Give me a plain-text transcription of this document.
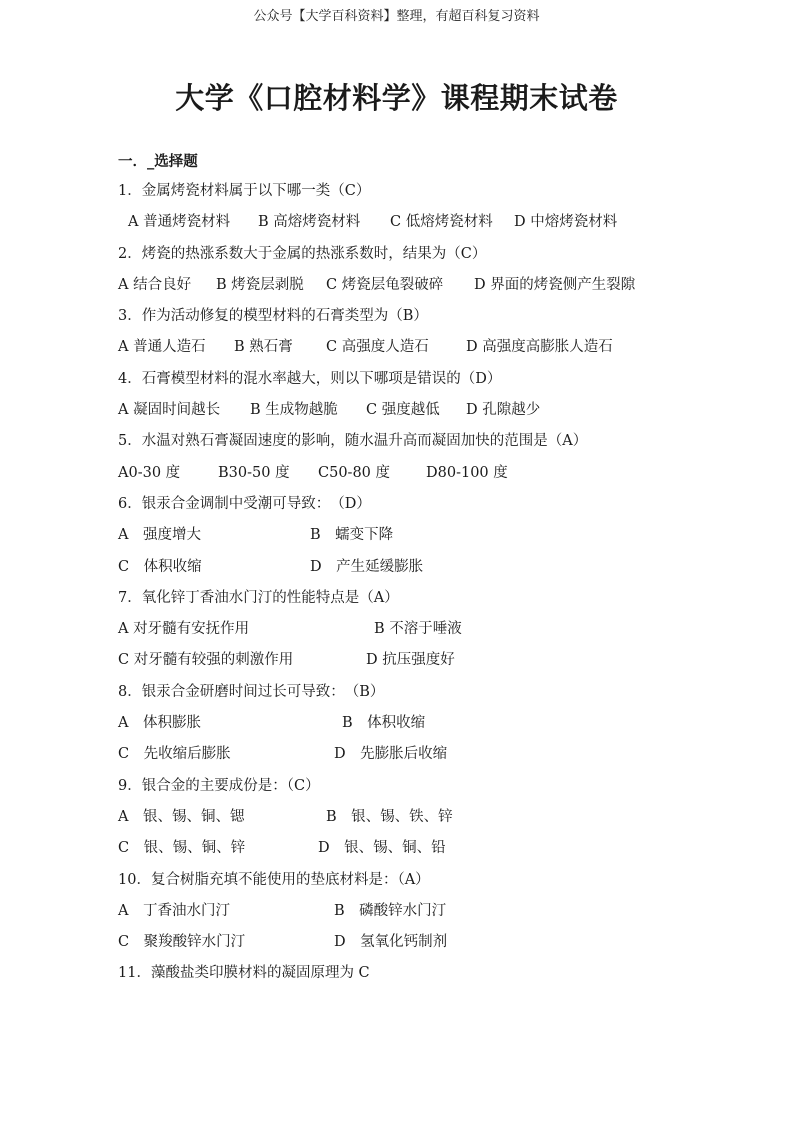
公众号【大学百科资料】整理，有超百科复习资料
大学《口腔材料学》课程期末试卷
一．_选择题
1．金属烤瓷材料属于以下哪一类（C）
A 普通烤瓷材料 B 高熔烤瓷材料 C 低熔烤瓷材料 D 中熔烤瓷材料
2．烤瓷的热涨系数大于金属的热涨系数时，结果为（C）
A 结合良好 B 烤瓷层剥脱 C 烤瓷层龟裂破碎 D 界面的烤瓷侧产生裂隙
3．作为活动修复的模型材料的石膏类型为（B）
A 普通人造石 B 熟石膏 C 高强度人造石	D 高强度高膨胀人造石
4．石膏模型材料的混水率越大，则以下哪项是错误的（D）
A 凝固时间越长 B 生成物越脆 C 强度越低 D 孔隙越少
5．水温对熟石膏凝固速度的影响，随水温升高而凝固加快的范围是（A）
A0-30 度	B30-50 度 C50-80 度 D80-100 度
6．银汞合金调制中受潮可导致：　（D）
A　强度增大	B　蠕变下降
C　体积收缩	D　产生延缓膨胀
7．氧化锌丁香油水门汀的性能特点是（A）
A 对牙髓有安抚作用	B 不溶于唾液
C 对牙髓有较强的刺激作用	D 抗压强度好
8．银汞合金研磨时间过长可导致：　（B）
A　体积膨胀	B　体积收缩
C　先收缩后膨胀	D　先膨胀后收缩
9．银合金的主要成份是：（C）
A　银、锡、铜、锶	B　银、锡、铁、锌
C　银、锡、铜、锌	D　银、锡、铜、铅
10．复合树脂充填不能使用的垫底材料是：（A）
A　丁香油水门汀	B　磷酸锌水门汀
C　聚羧酸锌水门汀	D　氢氧化钙制剂
11．藻酸盐类印膜材料的凝固原理为 C
